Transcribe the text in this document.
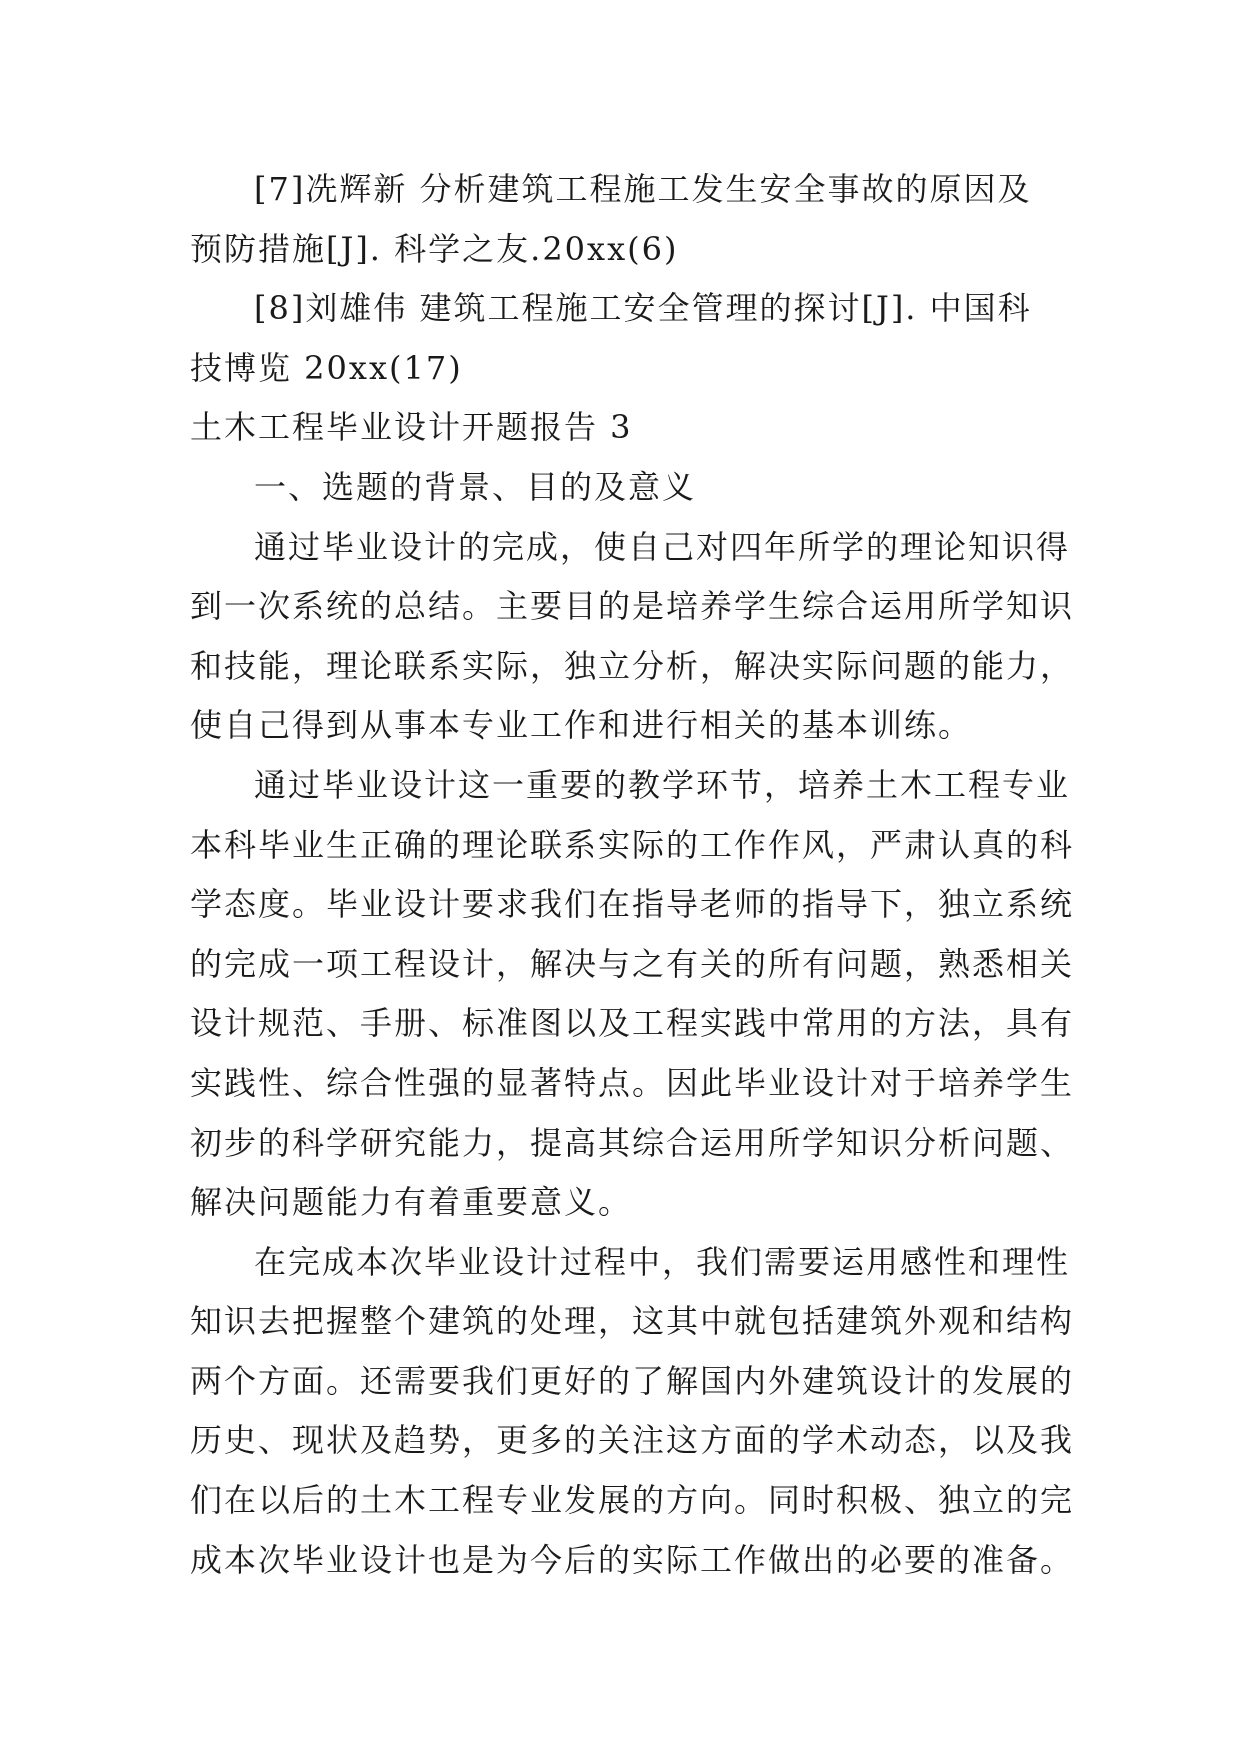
[7]冼辉新 分析建筑工程施工发生安全事故的原因及

预防措施[J]. 科学之友.20xx(6)

[8]刘雄伟 建筑工程施工安全管理的探讨[J]. 中国科

技博览 20xx(17)

土木工程毕业设计开题报告 3

一、选题的背景、目的及意义

通过毕业设计的完成，使自己对四年所学的理论知识得

到一次系统的总结。主要目的是培养学生综合运用所学知识

和技能，理论联系实际，独立分析，解决实际问题的能力，

使自己得到从事本专业工作和进行相关的基本训练。

通过毕业设计这一重要的教学环节，培养土木工程专业

本科毕业生正确的理论联系实际的工作作风，严肃认真的科

学态度。毕业设计要求我们在指导老师的指导下，独立系统

的完成一项工程设计，解决与之有关的所有问题，熟悉相关

设计规范、手册、标准图以及工程实践中常用的方法，具有

实践性、综合性强的显著特点。因此毕业设计对于培养学生

初步的科学研究能力，提高其综合运用所学知识分析问题、

解决问题能力有着重要意义。

在完成本次毕业设计过程中，我们需要运用感性和理性

知识去把握整个建筑的处理，这其中就包括建筑外观和结构

两个方面。还需要我们更好的了解国内外建筑设计的发展的

历史、现状及趋势，更多的关注这方面的学术动态，以及我

们在以后的土木工程专业发展的方向。同时积极、独立的完

成本次毕业设计也是为今后的实际工作做出的必要的准备。
